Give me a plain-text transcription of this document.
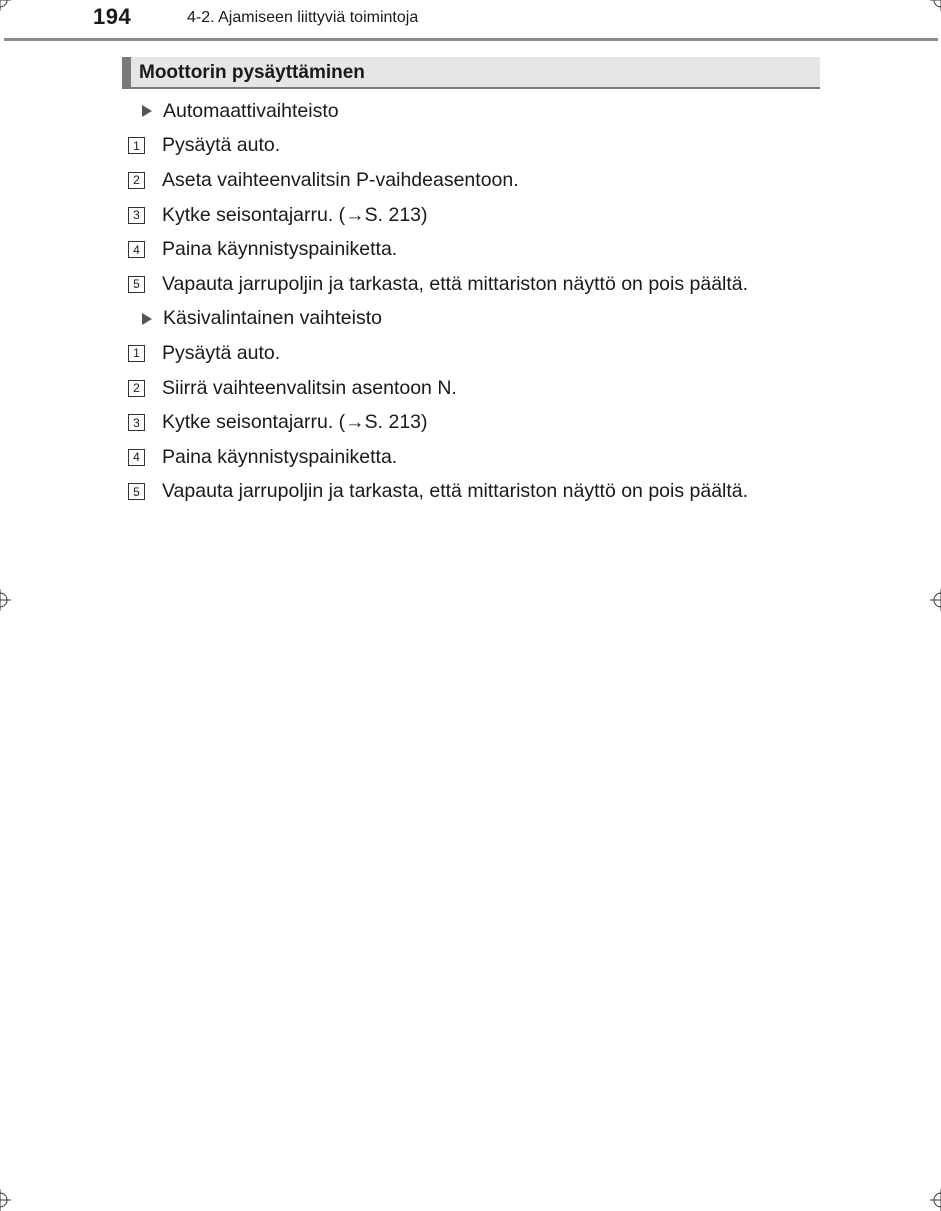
194	4-2. Ajamiseen liittyviä toimintoja
Moottorin pysäyttäminen
Automaattivaihteisto
1 Pysäytä auto.
2 Aseta vaihteenvalitsin P-vaihdeasentoon.
3 Kytke seisontajarru. (→S. 213)
4 Paina käynnistyspainiketta.
5 Vapauta jarrupoljin ja tarkasta, että mittariston näyttö on pois päältä.
Käsivalintainen vaihteisto
1 Pysäytä auto.
2 Siirrä vaihteenvalitsin asentoon N.
3 Kytke seisontajarru. (→S. 213)
4 Paina käynnistyspainiketta.
5 Vapauta jarrupoljin ja tarkasta, että mittariston näyttö on pois päältä.
